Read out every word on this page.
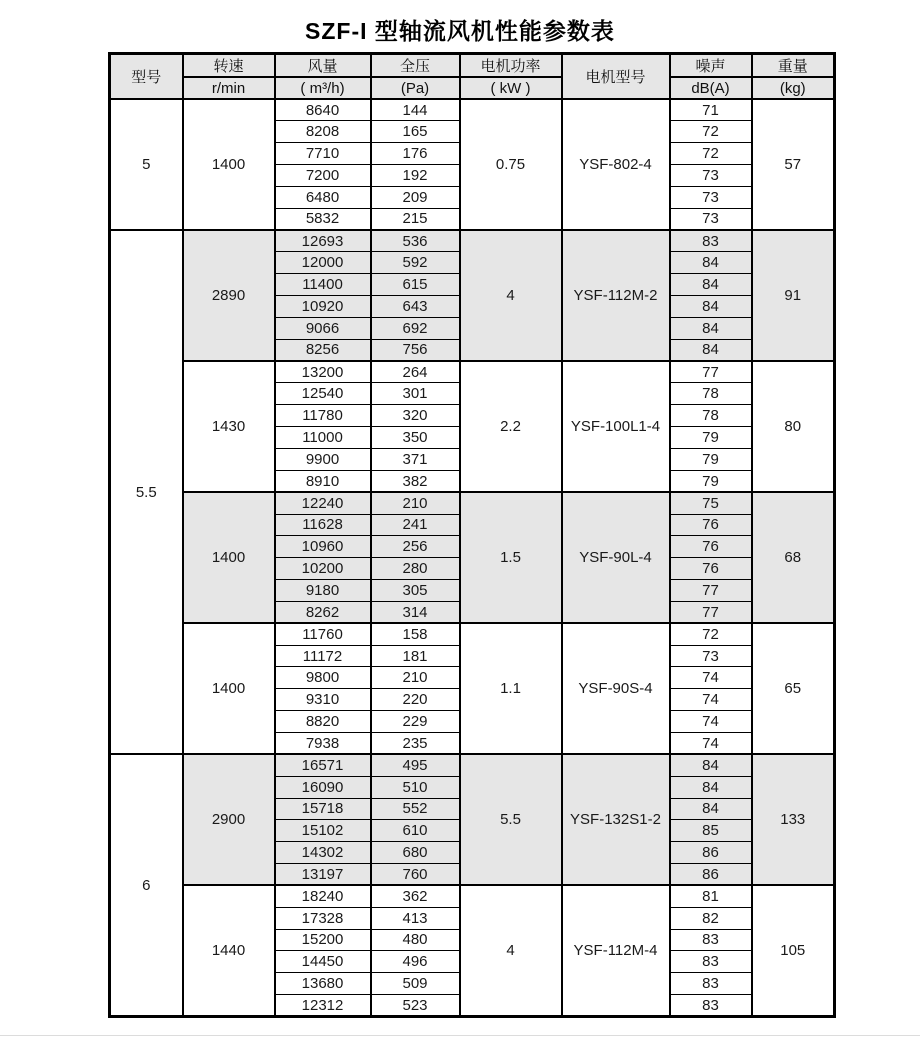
SZF-I 型轴流风机性能参数表
型号	转速	风量	全压	电机功率	电机型号	噪声	重量
	r/min	( m³/h)	(Pa)	( kW )		dB(A)	(kg)
5	1400	8640	144	0.75	YSF-802-4	71	57
		8208	165			72	
		7710	176			72	
		7200	192			73	
		6480	209			73	
		5832	215			73	
5.5	2890	12693	536	4	YSF-112M-2	83	91
		12000	592			84	
		11400	615			84	
		10920	643			84	
		9066	692			84	
		8256	756			84	
	1430	13200	264	2.2	YSF-100L1-4	77	80
		12540	301			78	
		11780	320			78	
		11000	350			79	
		9900	371			79	
		8910	382			79	
	1400	12240	210	1.5	YSF-90L-4	75	68
		11628	241			76	
		10960	256			76	
		10200	280			76	
		9180	305			77	
		8262	314			77	
	1400	11760	158	1.1	YSF-90S-4	72	65
		11172	181			73	
		9800	210			74	
		9310	220			74	
		8820	229			74	
		7938	235			74	
6	2900	16571	495	5.5	YSF-132S1-2	84	133
		16090	510			84	
		15718	552			84	
		15102	610			85	
		14302	680			86	
		13197	760			86	
	1440	18240	362	4	YSF-112M-4	81	105
		17328	413			82	
		15200	480			83	
		14450	496			83	
		13680	509			83	
		12312	523			83	
